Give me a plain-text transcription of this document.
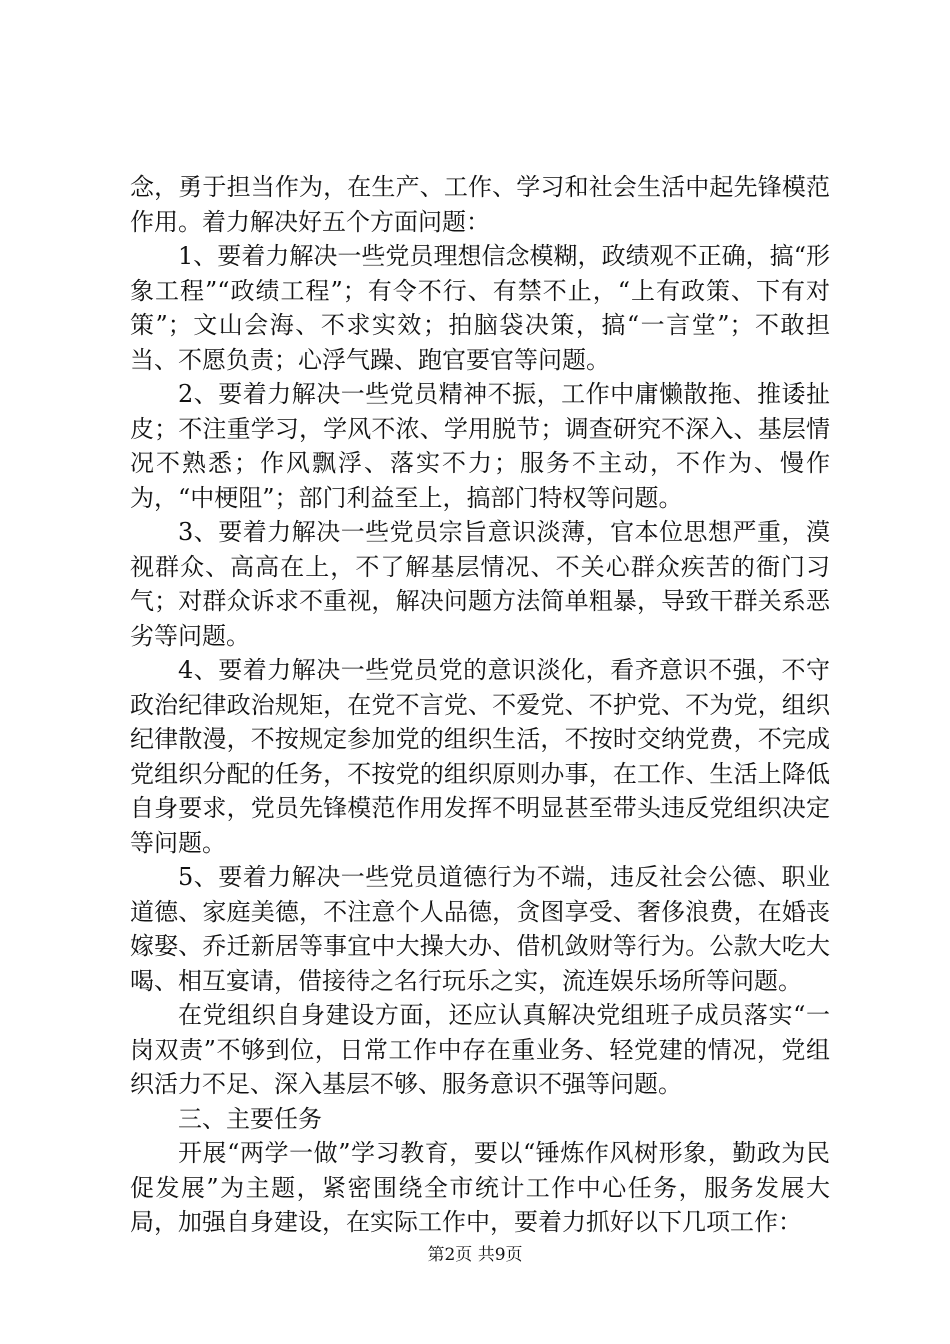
念，勇于担当作为，在生产、工作、学习和社会生活中起先锋模范作用。着力解决好五个方面问题：

1、要着力解决一些党员理想信念模糊，政绩观不正确，搞“形象工程”“政绩工程”；有令不行、有禁不止，“上有政策、下有对策”；文山会海、不求实效；拍脑袋决策，搞“一言堂”；不敢担当、不愿负责；心浮气躁、跑官要官等问题。

2、要着力解决一些党员精神不振，工作中庸懒散拖、推诿扯皮；不注重学习，学风不浓、学用脱节；调查研究不深入、基层情况不熟悉；作风飘浮、落实不力；服务不主动，不作为、慢作为，“中梗阻”；部门利益至上，搞部门特权等问题。

3、要着力解决一些党员宗旨意识淡薄，官本位思想严重，漠视群众、高高在上，不了解基层情况、不关心群众疾苦的衙门习气；对群众诉求不重视，解决问题方法简单粗暴，导致干群关系恶劣等问题。

4、要着力解决一些党员党的意识淡化，看齐意识不强，不守政治纪律政治规矩，在党不言党、不爱党、不护党、不为党，组织纪律散漫，不按规定参加党的组织生活，不按时交纳党费，不完成党组织分配的任务，不按党的组织原则办事，在工作、生活上降低自身要求，党员先锋模范作用发挥不明显甚至带头违反党组织决定等问题。

5、要着力解决一些党员道德行为不端，违反社会公德、职业道德、家庭美德，不注意个人品德，贪图享受、奢侈浪费，在婚丧嫁娶、乔迁新居等事宜中大操大办、借机敛财等行为。公款大吃大喝、相互宴请，借接待之名行玩乐之实，流连娱乐场所等问题。

在党组织自身建设方面，还应认真解决党组班子成员落实“一岗双责”不够到位，日常工作中存在重业务、轻党建的情况，党组织活力不足、深入基层不够、服务意识不强等问题。

三、主要任务

开展“两学一做”学习教育，要以“锤炼作风树形象，勤政为民促发展”为主题，紧密围绕全市统计工作中心任务，服务发展大局，加强自身建设，在实际工作中，要着力抓好以下几项工作：

第2页 共9页
